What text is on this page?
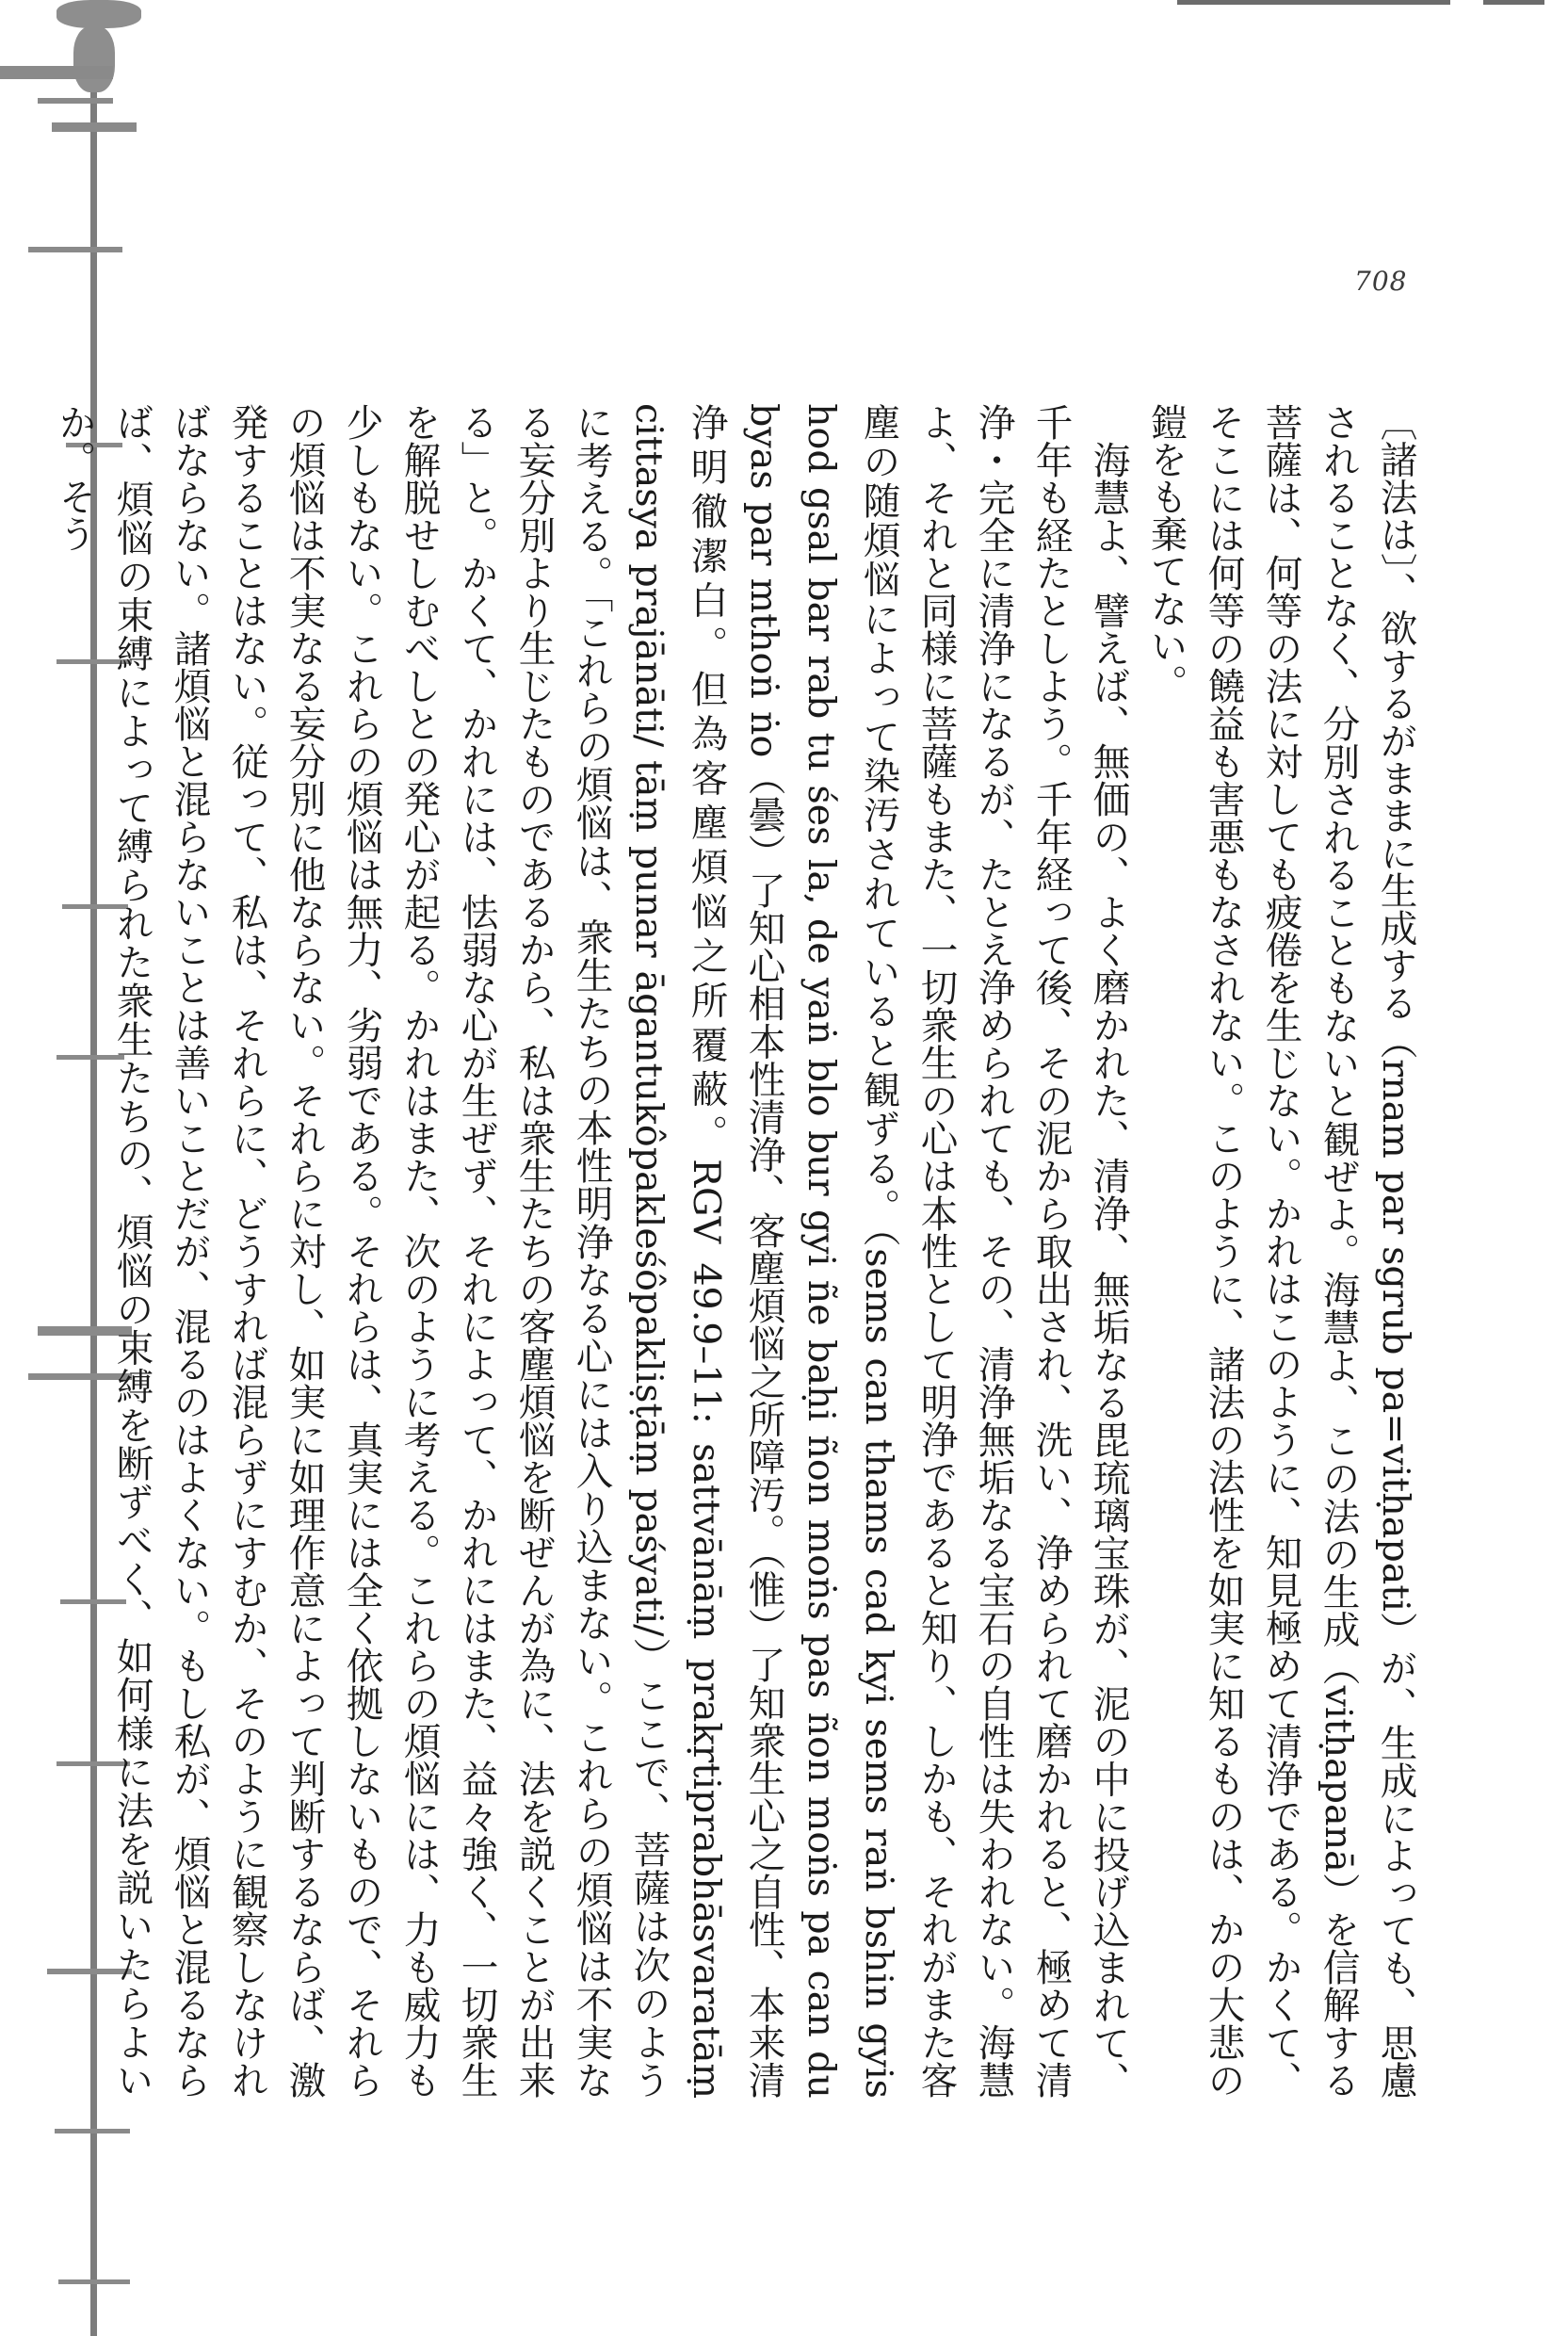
708

〔諸法は〕、欲するがままに生成する（rnam par sgrub pa=vitḥapati）が、生成によっても、思慮されることなく、分別されることもないと観ぜよ。海慧よ、この法の生成（vitḥapanā）を信解する菩薩は、何等の法に対しても疲倦を生じない。かれはこのように、知見極めて清浄である。かくて、そこには何等の饒益も害悪もなされない。このように、諸法の法性を如実に知るものは、かの大悲の鎧をも棄てない。

海慧よ、譬えば、無価の、よく磨かれた、清浄、無垢なる毘琉璃宝珠が、泥の中に投げ込まれて、千年も経たとしよう。千年経って後、その泥から取出され、洗い、浄められて磨かれると、極めて清浄・完全に清浄になるが、たとえ浄められても、その、清浄無垢なる宝石の自性は失われない。海慧よ、それと同様に菩薩もまた、一切衆生の心は本性として明浄であると知り、しかも、それがまた客塵の随煩悩によって染汚されていると観ずる。（sems can thams cad kyi sems raṅ bshin gyis hod gsal bar rab tu śes la, de yaṅ blo bur gyi ñe baḥi ñon moṅs pas ñon moṅs pa can du byas par mthoṅ ṅo（曇）了知心相本性清浄、客塵煩悩之所障汚。（惟）了知衆生心之自性、本来清浄明徹潔白。但為客塵煩悩之所覆蔽。RGV 49.9–11: sattvānāṃ prakṛtiprabhāsvaratāṃ cittasya prajānāti/ tāṃ punar āgantukôpakleśôpakliṣṭāṃ paśyati/）ここで、菩薩は次のように考える。「これらの煩悩は、衆生たちの本性明浄なる心には入り込まない。これらの煩悩は不実なる妄分別より生じたものであるから、私は衆生たちの客塵煩悩を断ぜんが為に、法を説くことが出来る」と。かくて、かれには、怯弱な心が生ぜず、それによって、かれにはまた、益々強く、一切衆生を解脱せしむべしとの発心が起る。かれはまた、次のように考える。これらの煩悩には、力も威力も少しもない。これらの煩悩は無力、劣弱である。それらは、真実には全く依拠しないもので、それらの煩悩は不実なる妄分別に他ならない。それらに対し、如実に如理作意によって判断するならば、激発することはない。従って、私は、それらに、どうすれば混らずにすむか、そのように観察しなければならない。諸煩悩と混らないことは善いことだが、混るのはよくない。もし私が、煩悩と混るならば、煩悩の束縛によって縛られた衆生たちの、煩悩の束縛を断ずべく、如何様に法を説いたらよいか。そう
